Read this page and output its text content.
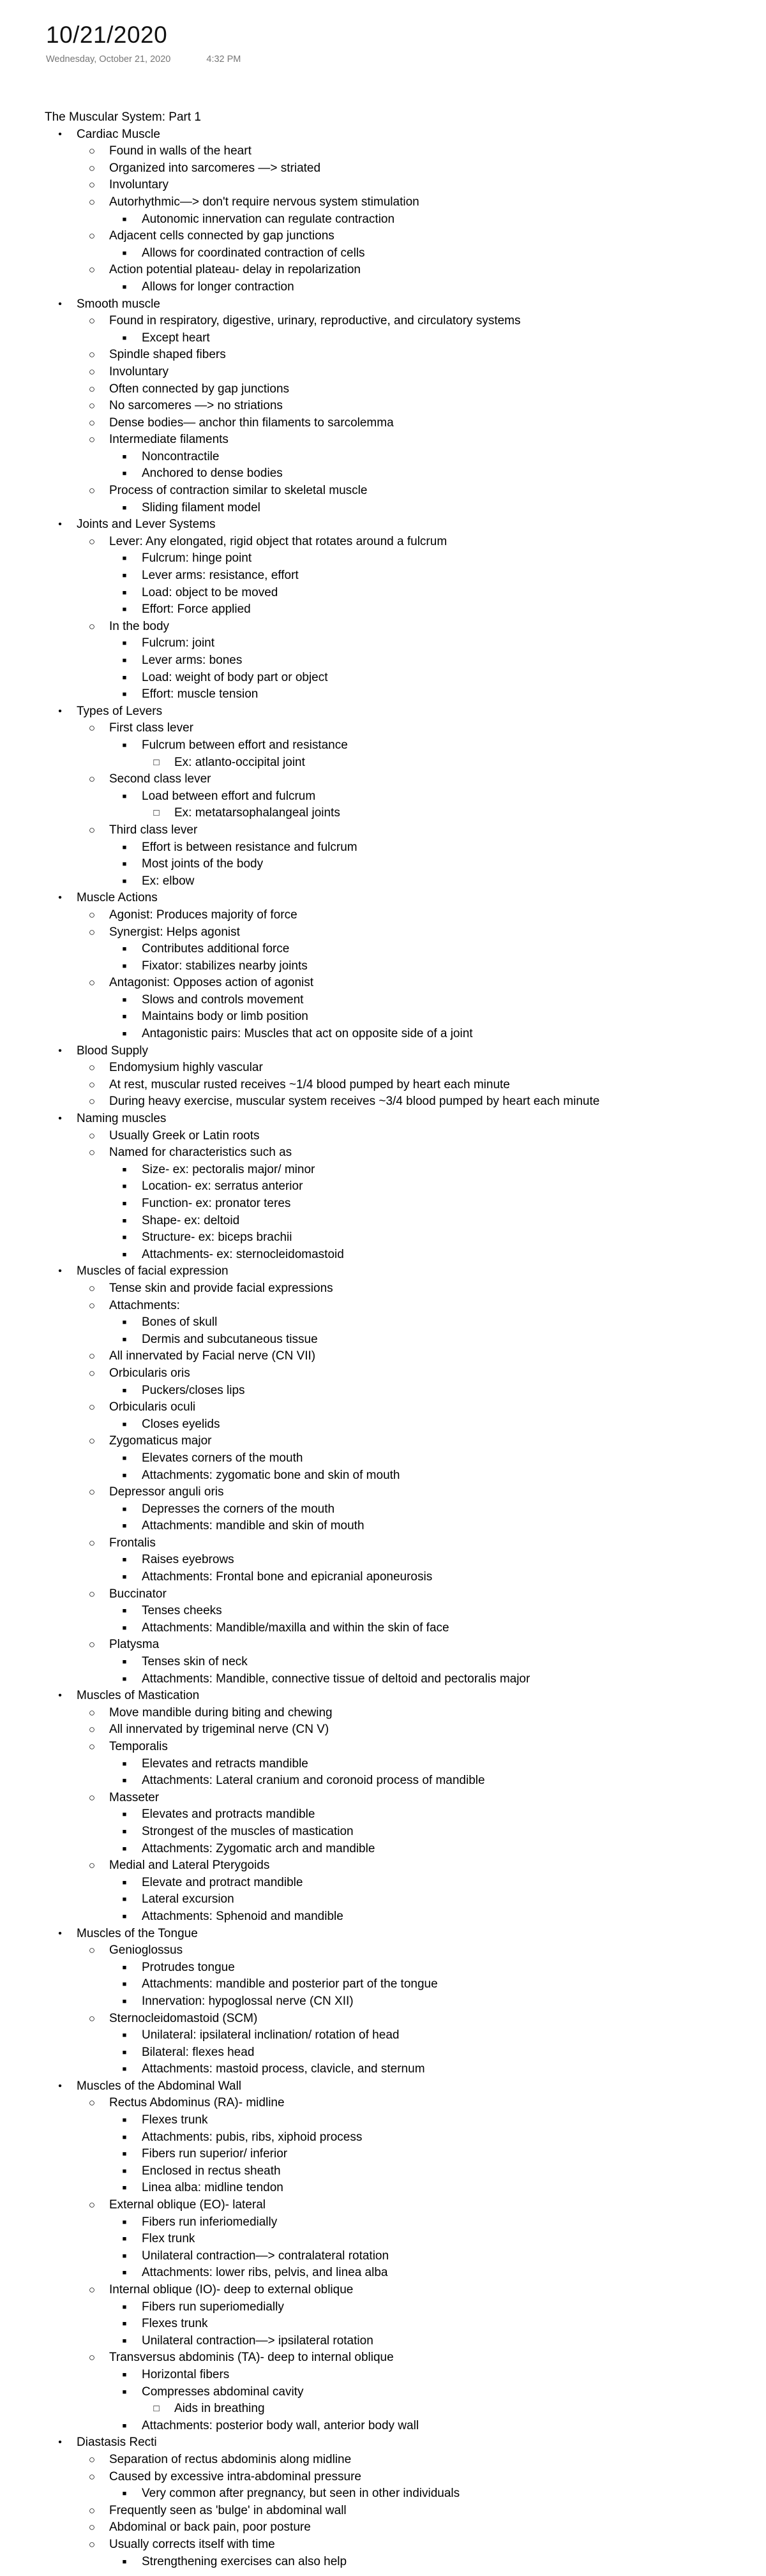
10/21/2020
Wednesday, October 21, 2020	4:32 PM
The Muscular System: Part 1
•	Cardiac Muscle
○ Found in walls of the heart
○ Organized into sarcomeres —> striated
○ Involuntary
○ Autorhythmic—> don't require nervous system stimulation
■	Autonomic innervation can regulate contraction
○ Adjacent cells connected by gap junctions
■	Allows for coordinated contraction of cells
○ Action potential plateau- delay in repolarization
■	Allows for longer contraction
•	Smooth muscle
○ Found in respiratory, digestive, urinary, reproductive, and circulatory systems
■	Except heart
○ Spindle shaped fibers
○ Involuntary
○ Often connected by gap junctions
○ No sarcomeres —> no striations
○ Dense bodies— anchor thin filaments to sarcolemma
○ Intermediate filaments
■	Noncontractile
■	Anchored to dense bodies
○ Process of contraction similar to skeletal muscle
■	Sliding filament model
•	Joints and Lever Systems
○ Lever: Any elongated, rigid object that rotates around a fulcrum
■	Fulcrum: hinge point
■	Lever arms: resistance, effort
■	Load: object to be moved
■	Effort: Force applied
○ In the body
■	Fulcrum: joint
■	Lever arms: bones
■	Load: weight of body part or object
■	Effort: muscle tension
•	Types of Levers
○ First class lever
■	Fulcrum between effort and resistance
□ Ex: atlanto-occipital joint
○ Second class lever
■	Load between effort and fulcrum
□ Ex: metatarsophalangeal joints
○ Third class lever
■	Effort is between resistance and fulcrum
■	Most joints of the body
■	Ex: elbow
•	Muscle Actions
○ Agonist: Produces majority of force
○ Synergist: Helps agonist
■	Contributes additional force
■	Fixator: stabilizes nearby joints
○ Antagonist: Opposes action of agonist
■	Slows and controls movement
■	Maintains body or limb position
■	Antagonistic pairs: Muscles that act on opposite side of a joint
•	Blood Supply
○ Endomysium highly vascular
○ At rest, muscular rusted receives ~1/4 blood pumped by heart each minute
○ During heavy exercise, muscular system receives ~3/4 blood pumped by heart each minute
•	Naming muscles
○ Usually Greek or Latin roots
○ Named for characteristics such as
■	Size- ex: pectoralis major/ minor
■	Location- ex: serratus anterior
■	Function- ex: pronator teres
■	Shape- ex: deltoid
■	Structure- ex: biceps brachii
■	Attachments- ex: sternocleidomastoid
•	Muscles of facial expression
○ Tense skin and provide facial expressions
○ Attachments:
■	Bones of skull
■	Dermis and subcutaneous tissue
○ All innervated by Facial nerve (CN VII)
○ Orbicularis oris
■	Puckers/closes lips
○ Orbicularis oculi
■	Closes eyelids
○ Zygomaticus major
■	Elevates corners of the mouth
■	Attachments: zygomatic bone and skin of mouth
○ Depressor anguli oris
■	Depresses the corners of the mouth
■	Attachments: mandible and skin of mouth
○ Frontalis
■	Raises eyebrows
■	Attachments: Frontal bone and epicranial aponeurosis
○ Buccinator
■	Tenses cheeks
■	Attachments: Mandible/maxilla and within the skin of face
○ Platysma
■	Tenses skin of neck
■	Attachments: Mandible, connective tissue of deltoid and pectoralis major
•	Muscles of Mastication
○ Move mandible during biting and chewing
○ All innervated by trigeminal nerve (CN V)
○ Temporalis
■	Elevates and retracts mandible
■	Attachments: Lateral cranium and coronoid process of mandible
○ Masseter
■	Elevates and protracts mandible
■	Strongest of the muscles of mastication
■	Attachments: Zygomatic arch and mandible
○ Medial and Lateral Pterygoids
■	Elevate and protract mandible
■	Lateral excursion
■	Attachments: Sphenoid and mandible
•	Muscles of the Tongue
○ Genioglossus
■	Protrudes tongue
■	Attachments: mandible and posterior part of the tongue
■	Innervation: hypoglossal nerve (CN XII)
○ Sternocleidomastoid (SCM)
■	Unilateral: ipsilateral inclination/ rotation of head
■	Bilateral: flexes head
■	Attachments: mastoid process, clavicle, and sternum
•	Muscles of the Abdominal Wall
○ Rectus Abdominus (RA)- midline
■	Flexes trunk
■	Attachments: pubis, ribs, xiphoid process
■	Fibers run superior/ inferior
■	Enclosed in rectus sheath
■	Linea alba: midline tendon
○ External oblique (EO)- lateral
■	Fibers run inferiomedially
■	Flex trunk
■	Unilateral contraction—> contralateral rotation
■	Attachments: lower ribs, pelvis, and linea alba
○ Internal oblique (IO)- deep to external oblique
■	Fibers run superiomedially
■	Flexes trunk
■	Unilateral contraction—> ipsilateral rotation
○ Transversus abdominis (TA)- deep to internal oblique
■	Horizontal fibers
■	Compresses abdominal cavity
□ Aids in breathing
■	Attachments: posterior body wall, anterior body wall
•	Diastasis Recti
○ Separation of rectus abdominis along midline
○ Caused by excessive intra-abdominal pressure
■	Very common after pregnancy, but seen in other individuals
○ Frequently seen as 'bulge' in abdominal wall
○ Abdominal or back pain, poor posture
○ Usually corrects itself with time
■	Strengthening exercises can also help
